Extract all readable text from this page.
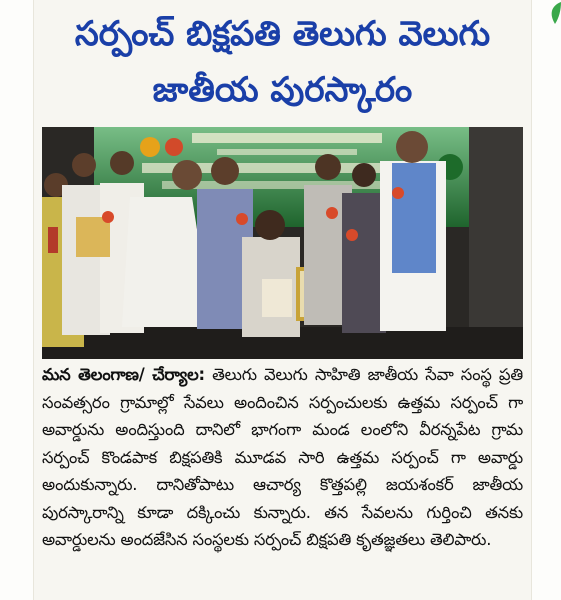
సర్పంచ్ బిక్షపతి తెలుగు వెలుగు
జాతీయ పురస్కారం
మన తెలంగాణ/ చేర్యాల: తెలుగు వెలుగు సాహితి జాతీయ సేవా సంస్థ ప్రతి సంవత్సరం గ్రామాల్లో సేవలు అందించిన సర్పంచులకు ఉత్తమ సర్పంచ్ గా అవార్డును అందిస్తుంది దానిలో భాగంగా మండ లంలోని వీరన్నపేట గ్రామ సర్పంచ్ కొండపాక బిక్షపతికి మూడవ సారి ఉత్తమ సర్పంచ్ గా అవార్డు అందుకున్నారు. దానితోపాటు ఆచార్య కొత్తపల్లి జయశంకర్ జాతీయ పురస్కారాన్ని కూడా దక్కించు కున్నారు. తన సేవలను గుర్తించి తనకు అవార్డులను అందజేసిన సంస్థలకు సర్పంచ్ బిక్షపతి కృతజ్ఞతలు తెలిపారు.
